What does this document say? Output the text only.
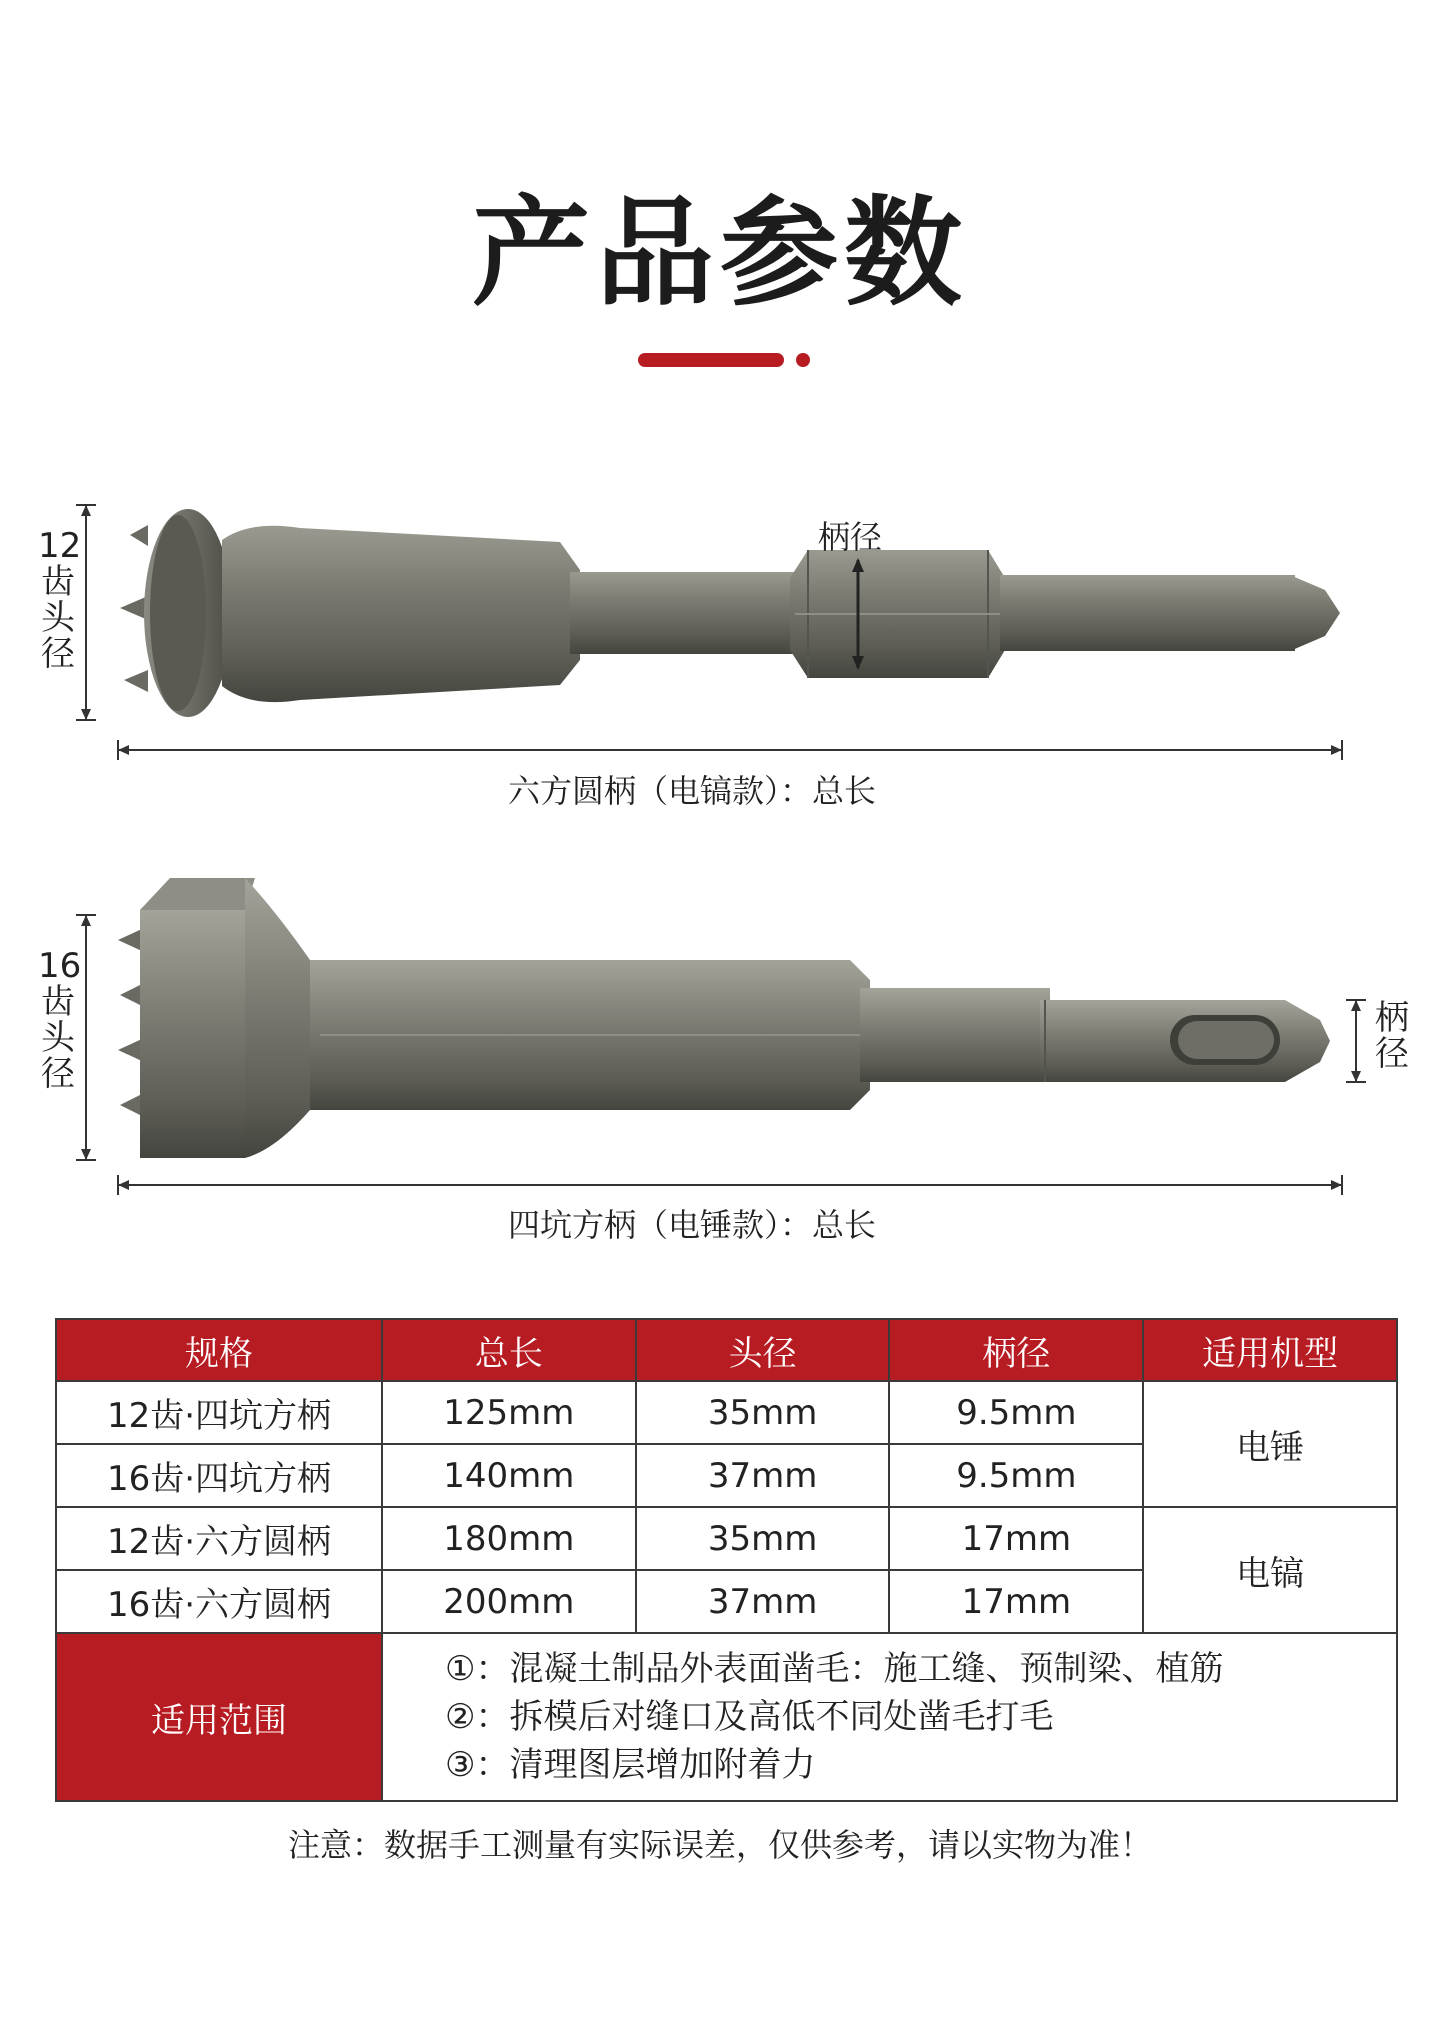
产品参数
12齿头径
柄径
六方圆柄（电镐款）：总长
16齿头径
柄径
四坑方柄（电锤款）：总长
规格	总长	头径	柄径	适用机型
12齿·四坑方柄	125mm	35mm	9.5mm	电锤
16齿·四坑方柄	140mm	37mm	9.5mm	
12齿·六方圆柄	180mm	35mm	17mm	电镐
16齿·六方圆柄	200mm	37mm	17mm	
适用范围	①：混凝土制品外表面凿毛：施工缝、预制梁、植筋
②：拆模后对缝口及高低不同处凿毛打毛
③：清理图层增加附着力			
注意：数据手工测量有实际误差，仅供参考，请以实物为准！
